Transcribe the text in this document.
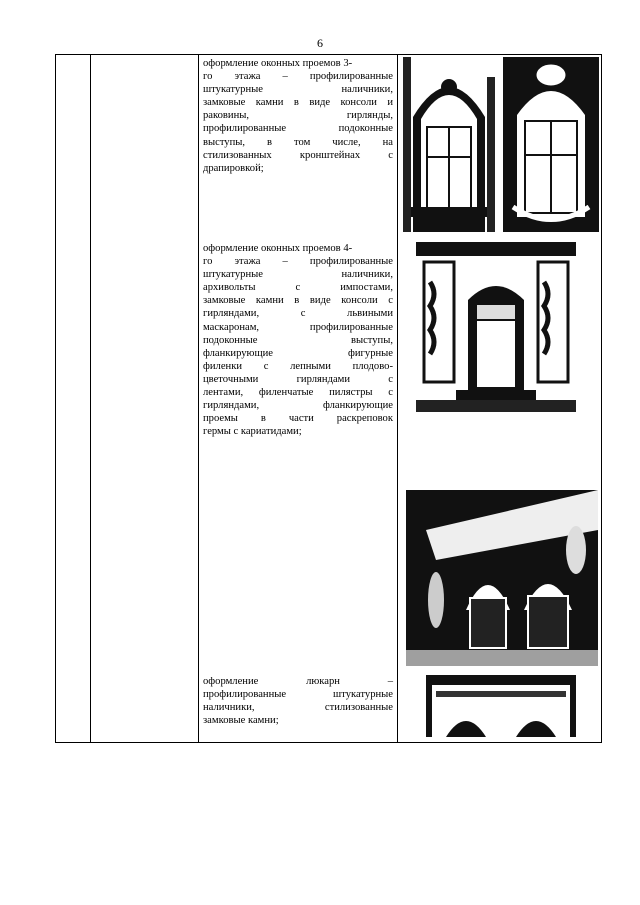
6
оформление оконных проемов 3-
го этажа – профилированные
штукатурные наличники,
замковые камни в виде консоли и
раковины, гирлянды,
профилированные подоконные
выступы, в том числе, на
стилизованных кронштейнах с
драпировкой;
оформление оконных проемов 4-
го этажа – профилированные
штукатурные наличники,
архивольты с импостами,
замковые камни в виде консоли с
гирляндами, с львиными
маскаронам, профилированные
подоконные выступы,
фланкирующие фигурные
филенки с лепными плодово-
цветочными гирляндами с
лентами, филенчатые пилястры с
гирляндами, фланкирующие
проемы в части раскреповок
гермы с кариатидами;
оформление люкарн –
профилированные штукатурные
наличники, стилизованные
замковые камни;
